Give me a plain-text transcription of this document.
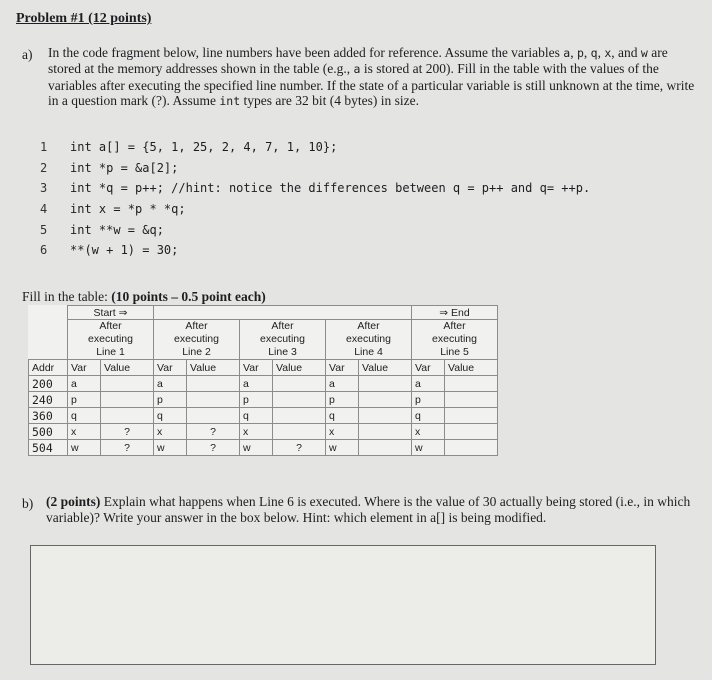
Problem #1 (12 points)
a) In the code fragment below, line numbers have been added for reference. Assume the variables a, p, q, x, and w are stored at the memory addresses shown in the table (e.g., a is stored at 200). Fill in the table with the values of the variables after executing the specified line number. If the state of a particular variable is still unknown at the time, write in a question mark (?). Assume int types are 32 bit (4 bytes) in size.
1 int a[] = {5, 1, 25, 2, 4, 7, 1, 10};
2 int *p = &a[2];
3 int *q = p++; //hint: notice the differences between q = p++ and q= ++p.
4 int x = *p * *q;
5 int **w = &q;
6 **(w + 1) = 30;
Fill in the table: (10 points – 0.5 point each)
	Start ⇒								⇒ End	
	After
executing
Line 1		After
executing
Line 2		After
executing
Line 3		After
executing
Line 4		After
executing
Line 5	
Addr	Var	Value	Var	Value	Var	Value	Var	Value	Var	Value
200	a		a		a		a		a	
240	p		p		p		p		p	
360	q		q		q		q		q	
500	x	?	x	?	x		x		x	
504	w	?	w	?	w	?	w		w	
b) (2 points) Explain what happens when Line 6 is executed. Where is the value of 30 actually being stored (i.e., in which variable)? Write your answer in the box below. Hint: which element in a[] is being modified.
